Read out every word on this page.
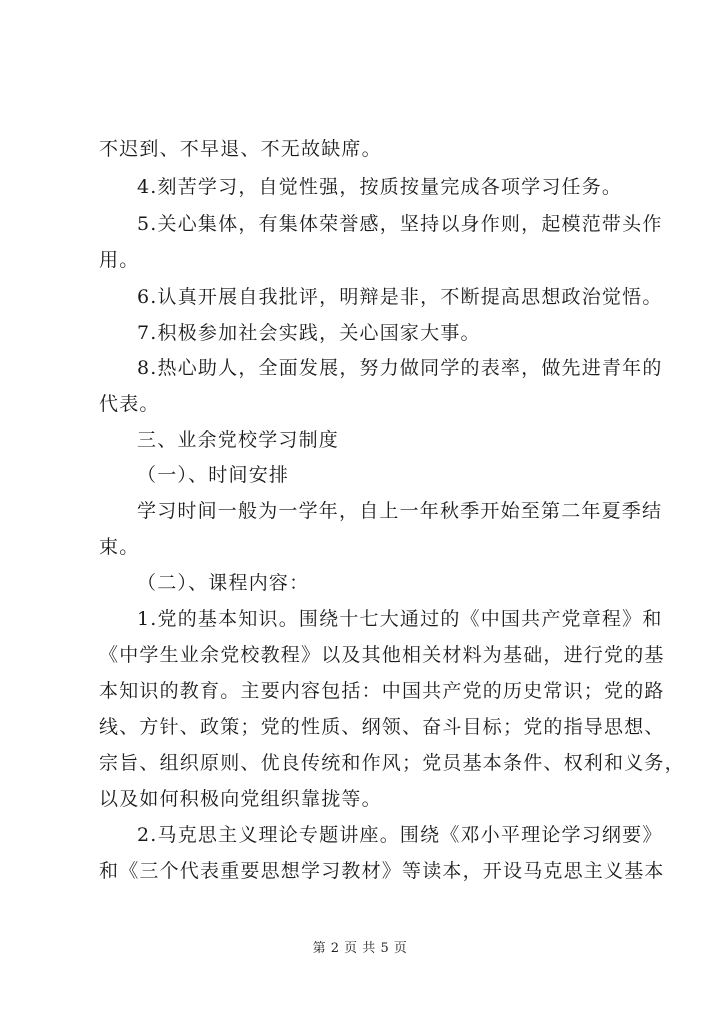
不迟到、不早退、不无故缺席。
4.刻苦学习，自觉性强，按质按量完成各项学习任务。
5.关心集体，有集体荣誉感，坚持以身作则，起模范带头作
用。
6.认真开展自我批评，明辩是非，不断提高思想政治觉悟。
7.积极参加社会实践，关心国家大事。
8.热心助人，全面发展，努力做同学的表率，做先进青年的
代表。
三、业余党校学习制度
（一）、时间安排
学习时间一般为一学年，自上一年秋季开始至第二年夏季结
束。
（二）、课程内容：
1.党的基本知识。围绕十七大通过的《中国共产党章程》和
《中学生业余党校教程》以及其他相关材料为基础，进行党的基
本知识的教育。主要内容包括：中国共产党的历史常识；党的路
线、方针、政策；党的性质、纲领、奋斗目标；党的指导思想、
宗旨、组织原则、优良传统和作风；党员基本条件、权利和义务，
以及如何积极向党组织靠拢等。
2.马克思主义理论专题讲座。围绕《邓小平理论学习纲要》
和《三个代表重要思想学习教材》等读本，开设马克思主义基本
第 2 页 共 5 页
